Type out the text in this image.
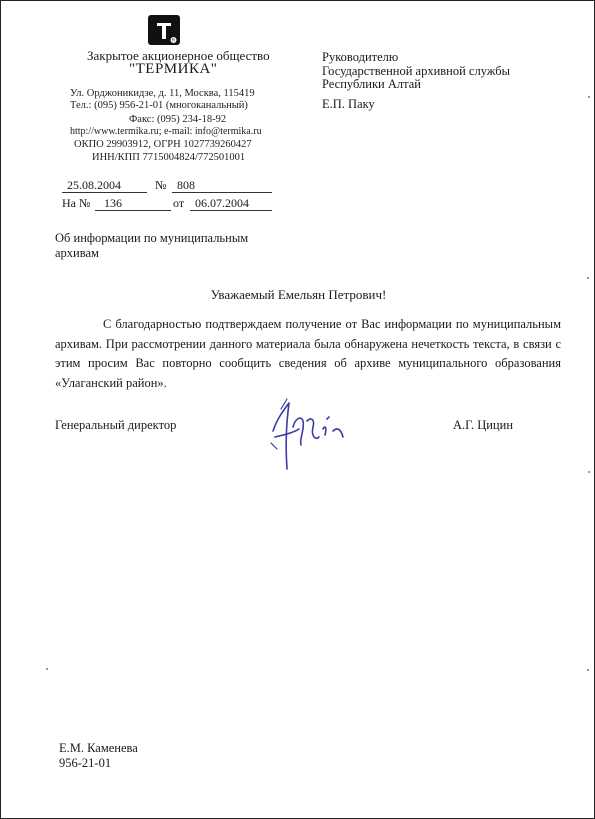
R
Закрытое акционерное общество
"ТЕРМИКА"
Ул. Орджоникидзе, д. 11, Москва, 115419
Тел.: (095) 956-21-01 (многоканальный)
Факс: (095) 234-18-92
http://www.termika.ru; e-mail: info@termika.ru
ОКПО 29903912, ОГРН 1027739260427
ИНН/КПП 7715004824/772501001
Руководителю
Государственной архивной службы
Республики Алтай
Е.П. Паку
25.08.2004	№ 808
На № 136	от 06.07.2004
Об информации по муниципальным
архивам
Уважаемый Емельян Петрович!

С благодарностью подтверждаем получение от Вас информации по муниципальным архивам. При рассмотрении данного материала была обнаружена нечеткость текста, в связи с этим просим Вас повторно сообщить сведения об архиве муниципального образования «Улаганский район».

Генеральный директор	А.Г. Цицин
Е.М. Каменева
956-21-01
